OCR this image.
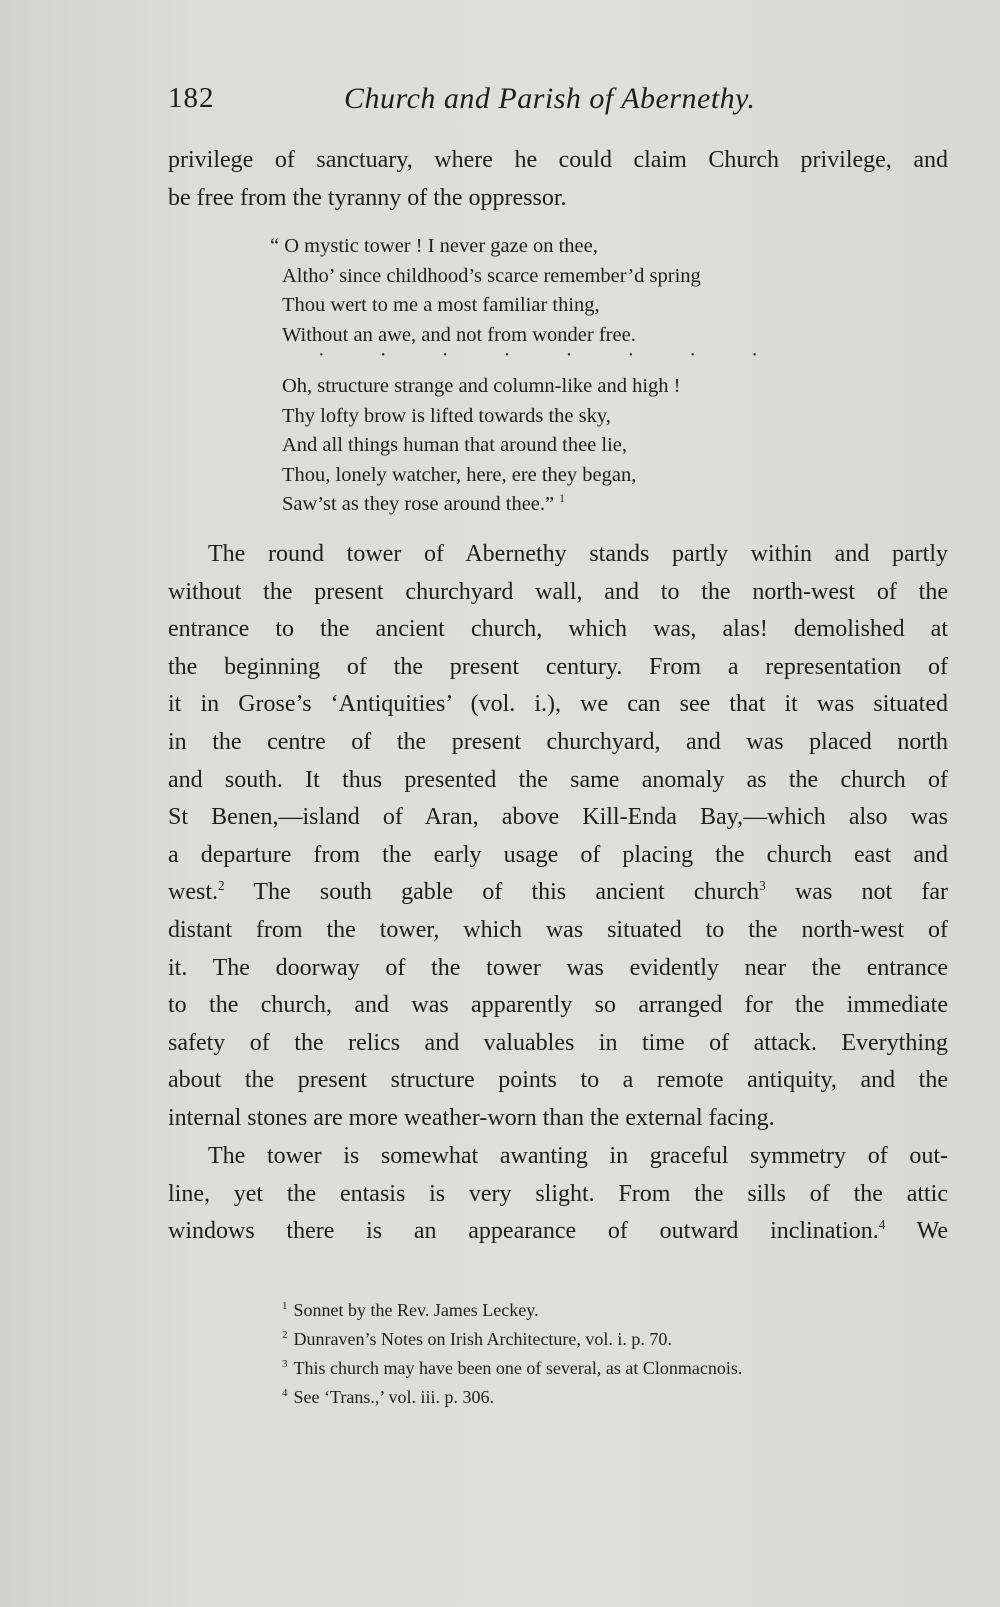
182	Church and Parish of Abernethy.
privilege of sanctuary, where he could claim Church privilege, and
be free from the tyranny of the oppressor.
“ O mystic tower ! I never gaze on thee,
Altho’ since childhood’s scarce remember’d spring
Thou wert to me a most familiar thing,
Without an awe, and not from wonder free.
·	·	·	·	·	·	·	·
Oh, structure strange and column-like and high !
Thy lofty brow is lifted towards the sky,
And all things human that around thee lie,
Thou, lonely watcher, here, ere they began,
Saw’st as they rose around thee.” $^1$
The round tower of Abernethy stands partly within and partly
without the present churchyard wall, and to the north-west of the
entrance to the ancient church, which was, alas! demolished at
the beginning of the present century. From a representation of
it in Grose’s ‘Antiquities’ (vol. i.), we can see that it was situated
in the centre of the present churchyard, and was placed north
and south. It thus presented the same anomaly as the church of
St Benen,—island of Aran, above Kill-Enda Bay,—which also was
a departure from the early usage of placing the church east and
west.$^2$ The south gable of this ancient church$^3$ was not far
distant from the tower, which was situated to the north-west of
it. The doorway of the tower was evidently near the entrance
to the church, and was apparently so arranged for the immediate
safety of the relics and valuables in time of attack. Everything
about the present structure points to a remote antiquity, and the
internal stones are more weather-worn than the external facing.
The tower is somewhat awanting in graceful symmetry of out-
line, yet the entasis is very slight. From the sills of the attic
windows there is an appearance of outward inclination.$^4$ We
$^1$ Sonnet by the Rev. James Leckey.
$^2$ Dunraven’s Notes on Irish Architecture, vol. i. p. 70.
$^3$ This church may have been one of several, as at Clonmacnois.
$^4$ See ‘Trans.,’ vol. iii. p. 306.
